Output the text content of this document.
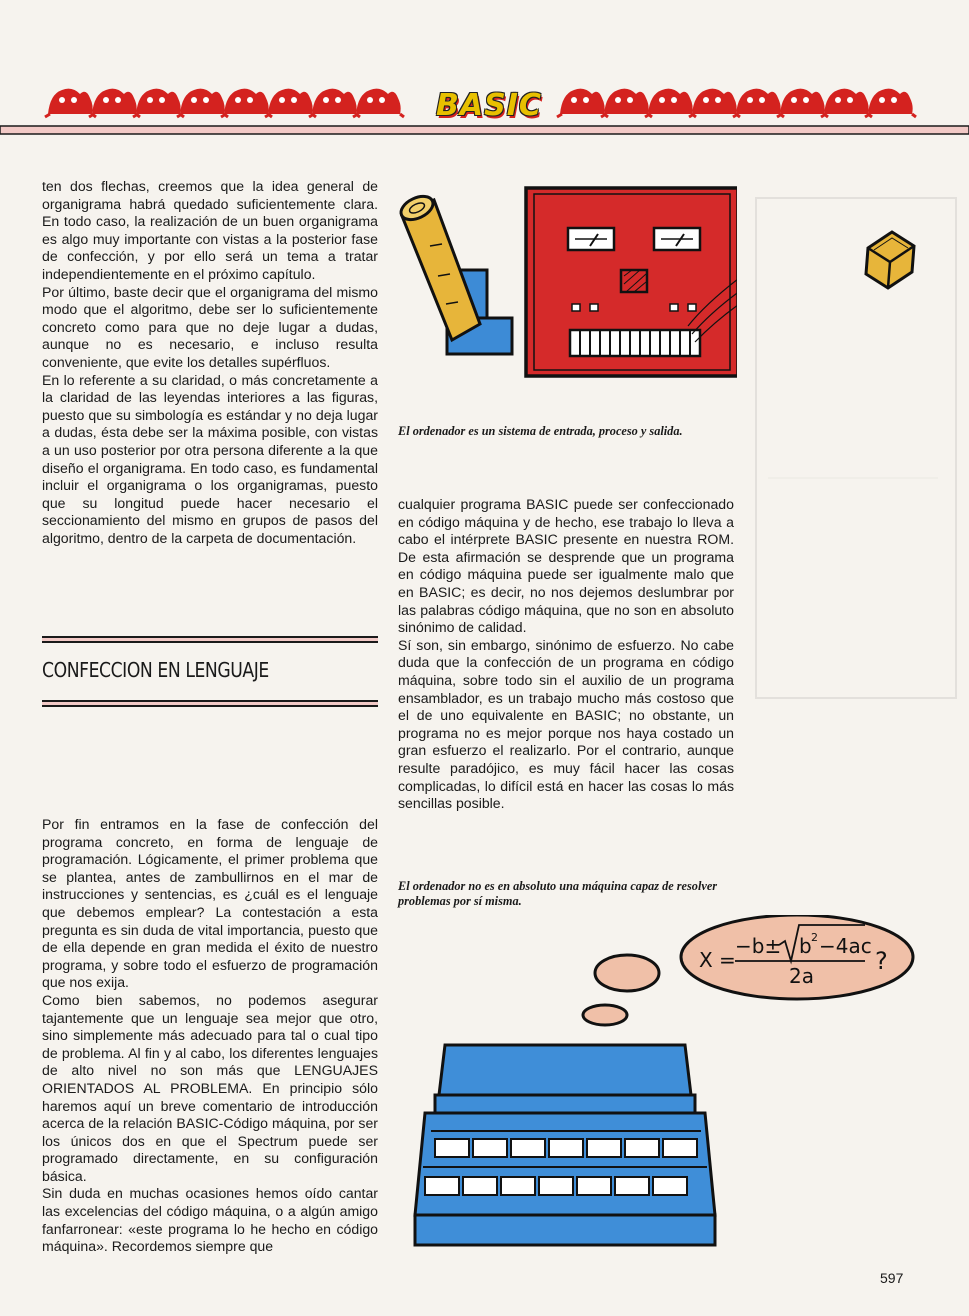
BASIC

ten dos flechas, creemos que la idea general de organigrama habrá quedado suficientemente clara. En todo caso, la realización de un buen organigrama es algo muy importante con vistas a la posterior fase de confección, y por ello será un tema a tratar independientemente en el próximo capítulo.

Por último, baste decir que el organigrama del mismo modo que el algoritmo, debe ser lo suficientemente concreto como para que no deje lugar a dudas, aunque no es necesario, e incluso resulta conveniente, que evite los detalles supérfluos.

En lo referente a su claridad, o más concretamente a la claridad de las leyendas interiores a las figuras, puesto que su simbología es estándar y no deja lugar a dudas, ésta debe ser la máxima posible, con vistas a un uso posterior por otra persona diferente a la que diseño el organigrama. En todo caso, es fundamental incluir el organigrama o los organigramas, puesto que su longitud puede hacer necesario el seccionamiento del mismo en grupos de pasos del algoritmo, dentro de la carpeta de documentación.

CONFECCION EN LENGUAJE

Por fin entramos en la fase de confección del programa concreto, en forma de lenguaje de programación. Lógicamente, el primer problema que se plantea, antes de zambullirnos en el mar de instrucciones y sentencias, es ¿cuál es el lenguaje que debemos emplear? La contestación a esta pregunta es sin duda de vital importancia, puesto que de ella depende en gran medida el éxito de nuestro programa, y sobre todo el esfuerzo de programación que nos exija.

Como bien sabemos, no podemos asegurar tajantemente que un lenguaje sea mejor que otro, sino simplemente más adecuado para tal o cual tipo de problema. Al fin y al cabo, los diferentes lenguajes de alto nivel no son más que LENGUAJES ORIENTADOS AL PROBLEMA. En principio sólo haremos aquí un breve comentario de introducción acerca de la relación BASIC-Código máquina, por ser los únicos dos en que el Spectrum puede ser programado directamente, en su configuración básica.

Sin duda en muchas ocasiones hemos oído cantar las excelencias del código máquina, o a algún amigo fanfarronear: «este programa lo he hecho en código máquina». Recordemos siempre que

El ordenador es un sistema de entrada, proceso y salida.

cualquier programa BASIC puede ser confeccionado en código máquina y de hecho, ese trabajo lo lleva a cabo el intérprete BASIC presente en nuestra ROM. De esta afirmación se desprende que un programa en código máquina puede ser igualmente malo que en BASIC; es decir, no nos dejemos deslumbrar por las palabras código máquina, que no son en absoluto sinónimo de calidad.

Sí son, sin embargo, sinónimo de esfuerzo. No cabe duda que la confección de un programa en código máquina, sobre todo sin el auxilio de un programa ensamblador, es un trabajo mucho más costoso que el de uno equivalente en BASIC; no obstante, un programa no es mejor porque nos haya costado un gran esfuerzo el realizarlo. Por el contrario, aunque resulte paradójico, es muy fácil hacer las cosas complicadas, lo difícil está en hacer las cosas lo más sencillas posible.

El ordenador no es en absoluto una máquina capaz de resolver problemas por sí misma.
X =
−b± b 2 −4ac
2a
?
597
